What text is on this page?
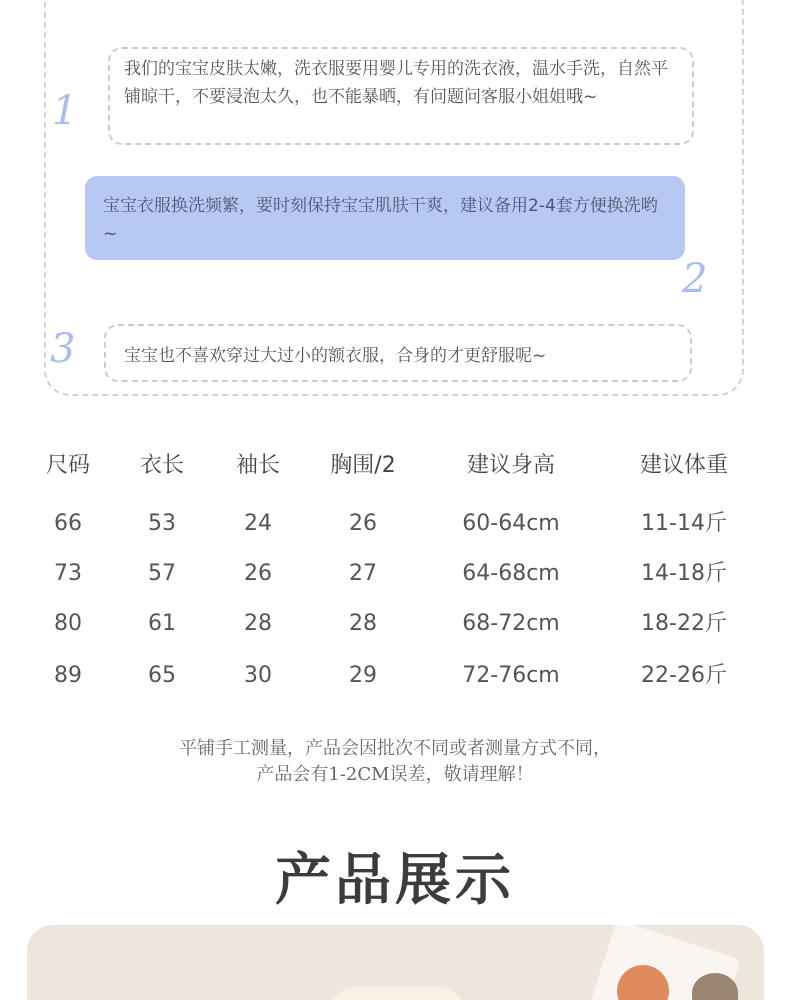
1
我们的宝宝皮肤太嫩，洗衣服要用婴儿专用的洗衣液，温水手洗，自然平铺晾干，不要浸泡太久，也不能暴晒，有问题问客服小姐姐哦~
宝宝衣服换洗频繁，要时刻保持宝宝肌肤干爽，建议备用2-4套方便换洗哟~
2
3	宝宝也不喜欢穿过大过小的额衣服，合身的才更舒服呢~
尺码	衣长	袖长	胸围/2	建议身高	建议体重
66	53	24	26	60-64cm	11-14斤
73	57	26	27	64-68cm	14-18斤
80	61	28	28	68-72cm	18-22斤
89	65	30	29	72-76cm	22-26斤
平铺手工测量，产品会因批次不同或者测量方式不同，
产品会有1-2CM误差，敬请理解！
产品展示
